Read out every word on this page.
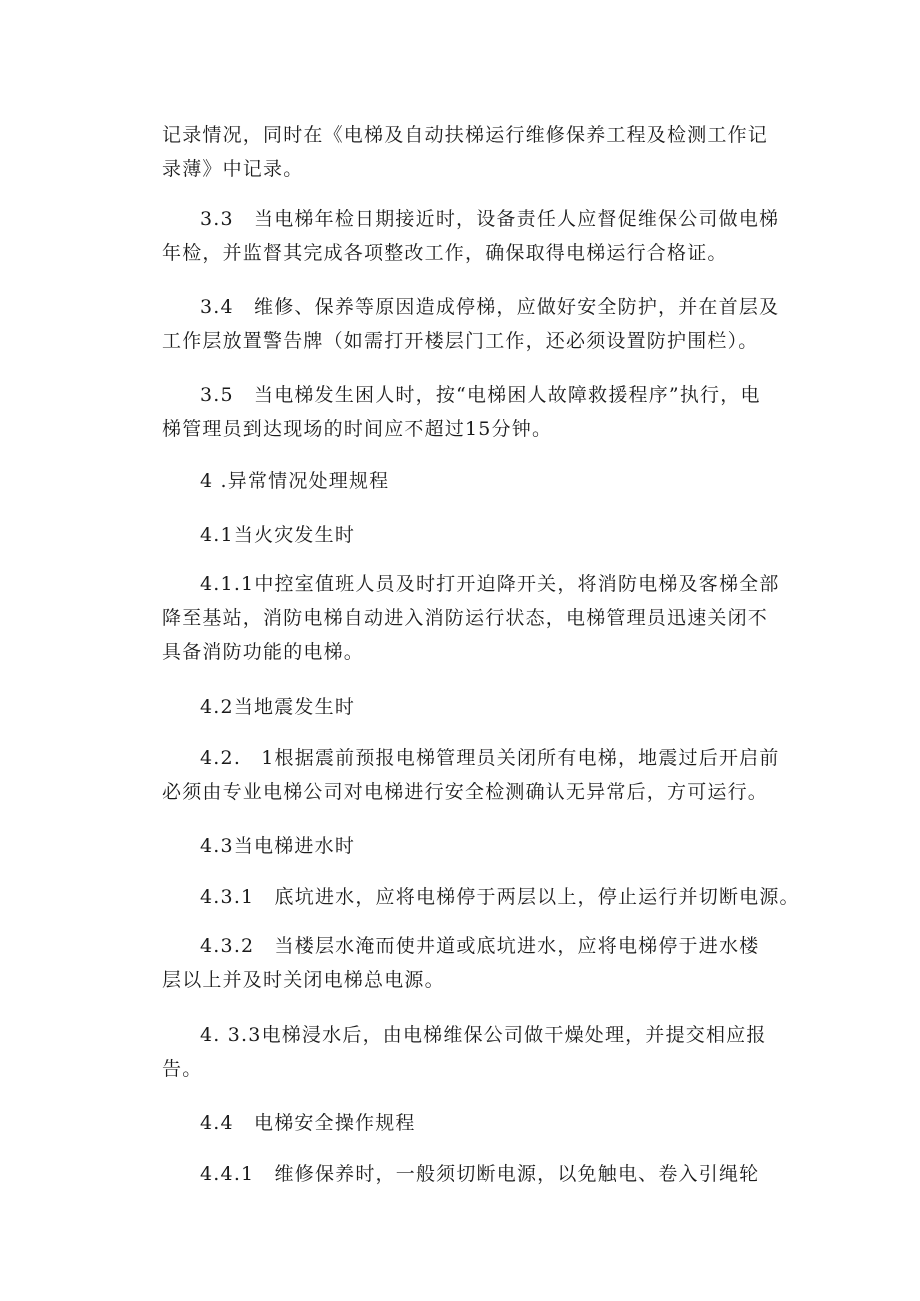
记录情况，同时在《电梯及自动扶梯运行维修保养工程及检测工作记
录薄》中记录。
3.3　当电梯年检日期接近时，设备责任人应督促维保公司做电梯
年检，并监督其完成各项整改工作，确保取得电梯运行合格证。
3.4　维修、保养等原因造成停梯，应做好安全防护，并在首层及
工作层放置警告牌（如需打开楼层门工作，还必须设置防护围栏）。
3.5　当电梯发生困人时，按“电梯困人故障救援程序”执行，电
梯管理员到达现场的时间应不超过15分钟。
4 .异常情况处理规程
4.1当火灾发生时
4.1.1中控室值班人员及时打开迫降开关，将消防电梯及客梯全部
降至基站，消防电梯自动进入消防运行状态，电梯管理员迅速关闭不
具备消防功能的电梯。
4.2当地震发生时
4.2.　1根据震前预报电梯管理员关闭所有电梯，地震过后开启前
必须由专业电梯公司对电梯进行安全检测确认无异常后，方可运行。
4.3当电梯进水时
4.3.1　底坑进水，应将电梯停于两层以上，停止运行并切断电源。
4.3.2　当楼层水淹而使井道或底坑进水，应将电梯停于进水楼
层以上并及时关闭电梯总电源。
4. 3.3电梯浸水后，由电梯维保公司做干燥处理，并提交相应报
告。
4.4　电梯安全操作规程
4.4.1　维修保养时，一般须切断电源，以免触电、卷入引绳轮
